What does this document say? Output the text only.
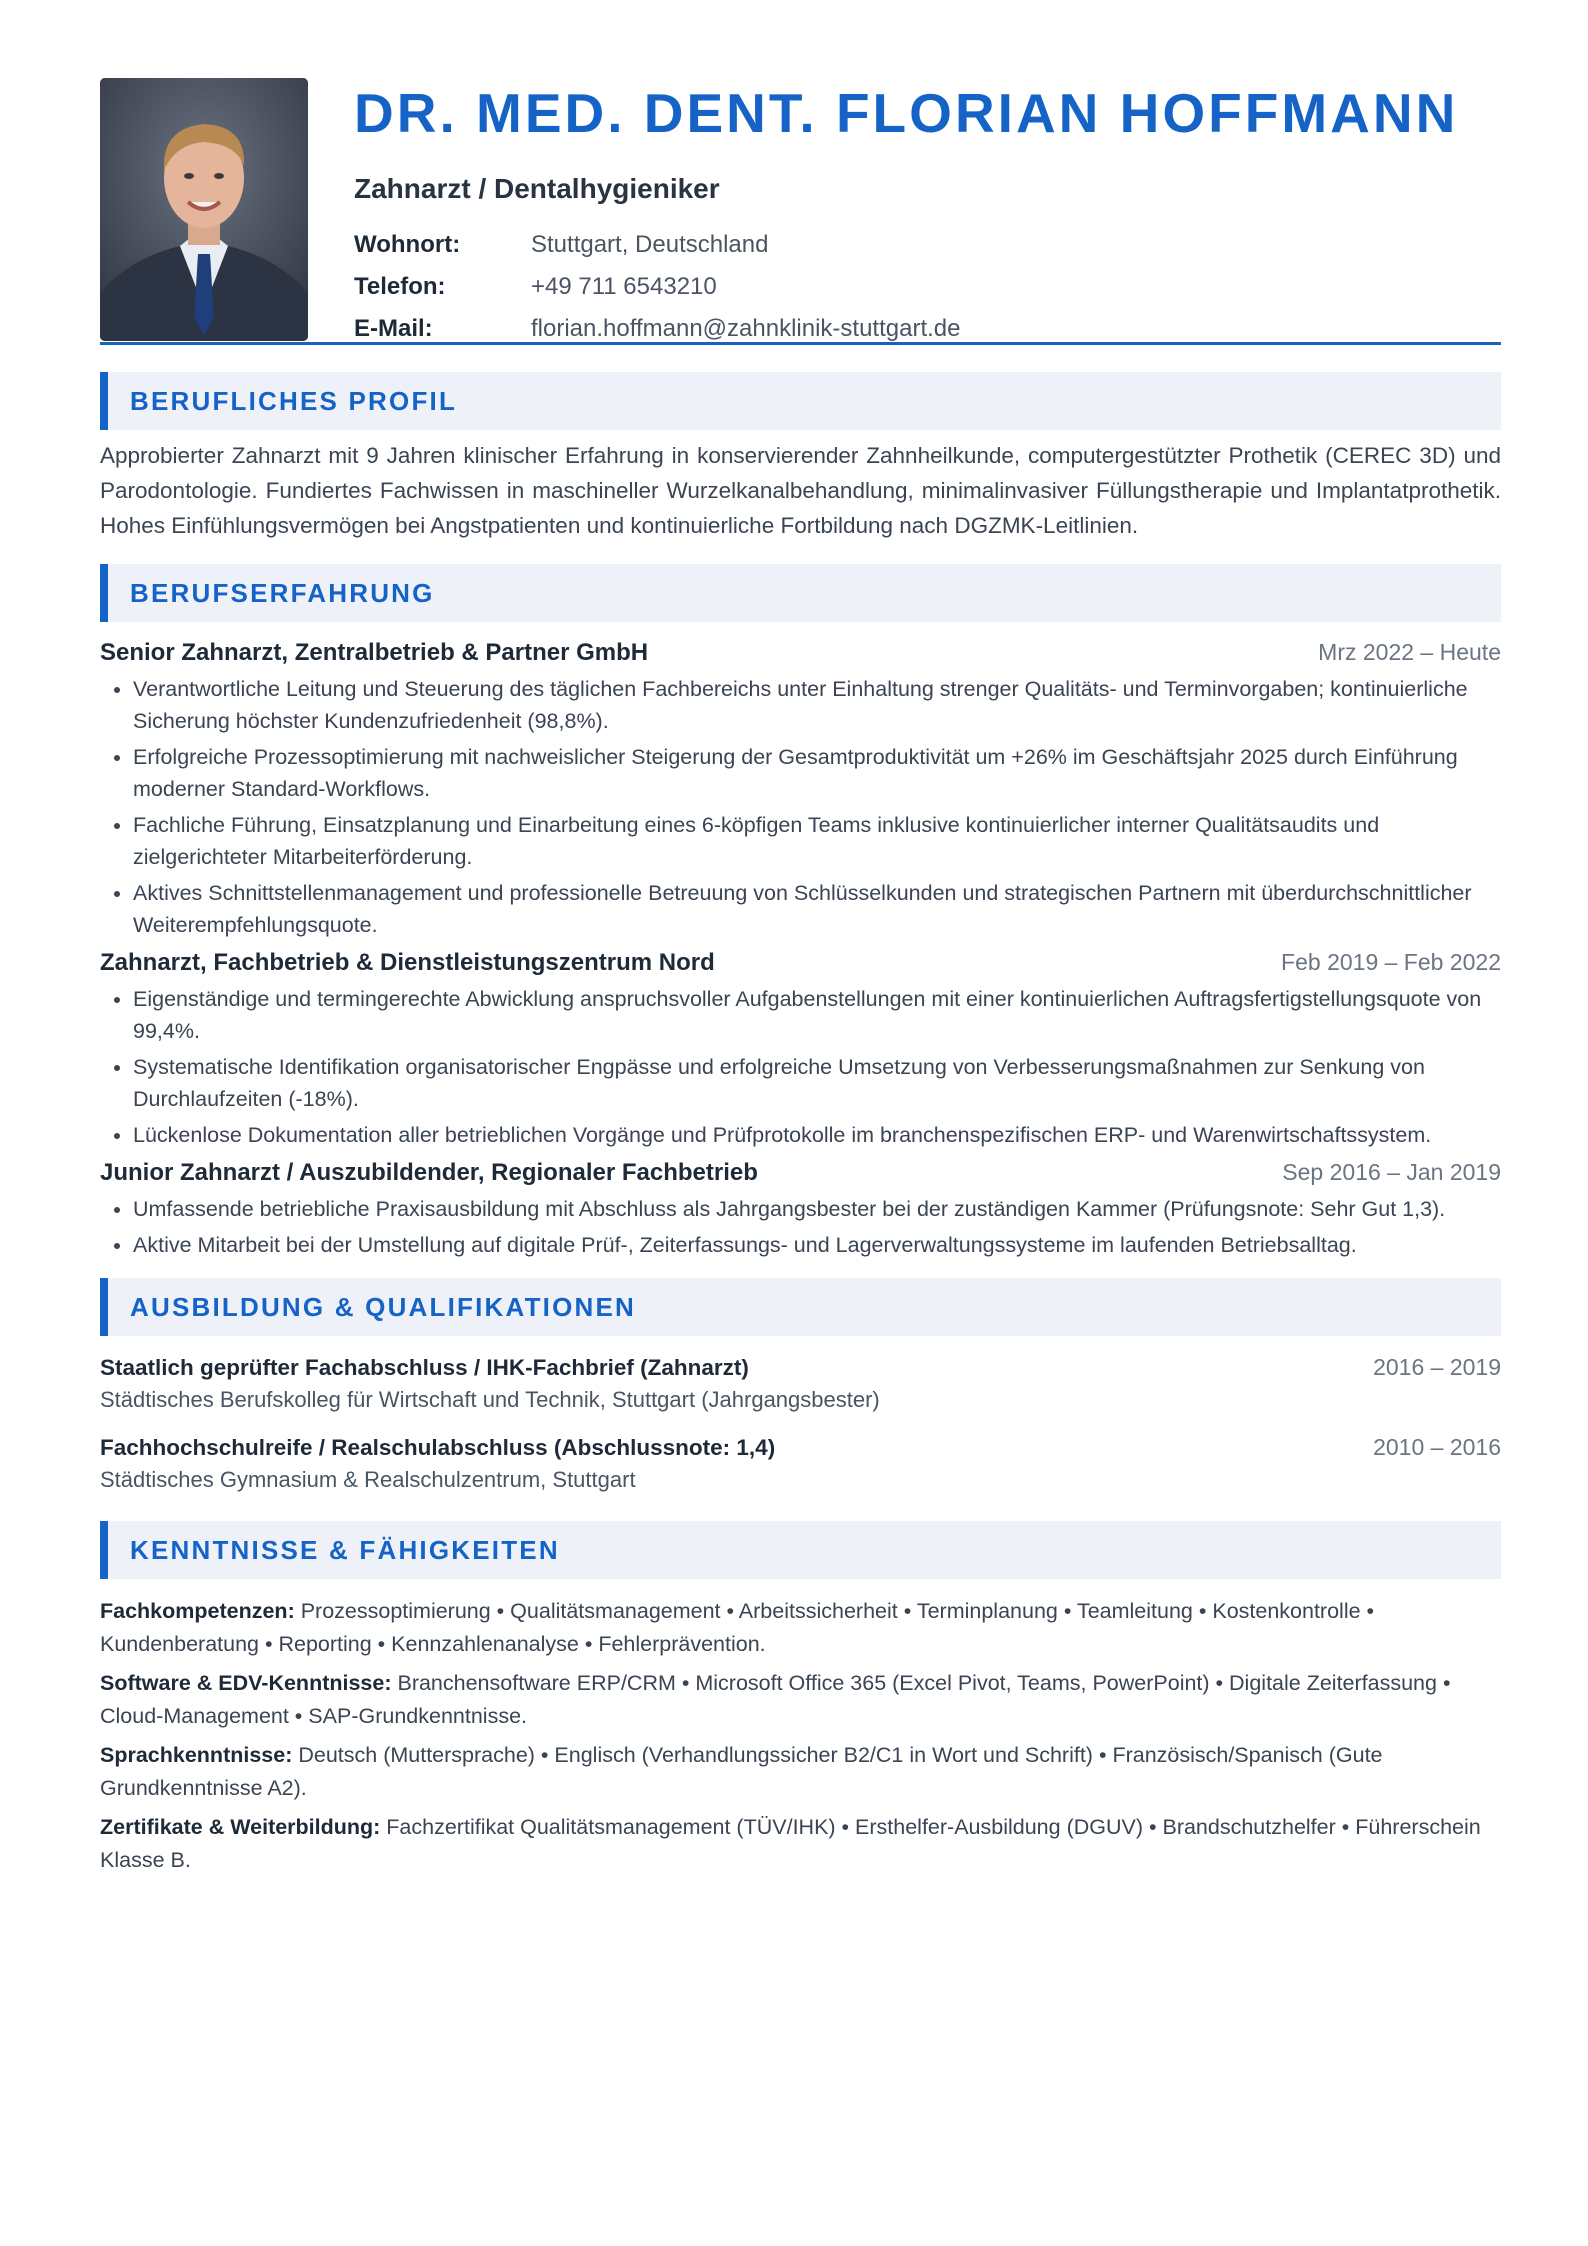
DR. MED. DENT. FLORIAN HOFFMANN
Zahnarzt / Dentalhygieniker
Wohnort:	Stuttgart, Deutschland
Telefon:	+49 711 6543210
E-Mail:	florian.hoffmann@zahnklinik-stuttgart.de
BERUFLICHES PROFIL

Approbierter Zahnarzt mit 9 Jahren klinischer Erfahrung in konservierender Zahnheilkunde, computergestützter Prothetik (CEREC 3D) und Parodontologie. Fundiertes Fachwissen in maschineller Wurzelkanalbehandlung, minimalinvasiver Füllungstherapie und Implantatprothetik. Hohes Einfühlungsvermögen bei Angstpatienten und kontinuierliche Fortbildung nach DGZMK-Leitlinien.

BERUFSERFAHRUNG
Senior Zahnarzt, Zentralbetrieb & Partner GmbH	Mrz 2022 – Heute
• Verantwortliche Leitung und Steuerung des täglichen Fachbereichs unter Einhaltung strenger Qualitäts- und Terminvorgaben; kontinuierliche Sicherung höchster Kundenzufriedenheit (98,8%).
• Erfolgreiche Prozessoptimierung mit nachweislicher Steigerung der Gesamtproduktivität um +26% im Geschäftsjahr 2025 durch Einführung moderner Standard-Workflows.
• Fachliche Führung, Einsatzplanung und Einarbeitung eines 6-köpfigen Teams inklusive kontinuierlicher interner Qualitätsaudits und zielgerichteter Mitarbeiterförderung.
• Aktives Schnittstellenmanagement und professionelle Betreuung von Schlüsselkunden und strategischen Partnern mit überdurchschnittlicher Weiterempfehlungsquote.
Zahnarzt, Fachbetrieb & Dienstleistungszentrum Nord	Feb 2019 – Feb 2022
• Eigenständige und termingerechte Abwicklung anspruchsvoller Aufgabenstellungen mit einer kontinuierlichen Auftragsfertigstellungsquote von 99,4%.
• Systematische Identifikation organisatorischer Engpässe und erfolgreiche Umsetzung von Verbesserungsmaßnahmen zur Senkung von Durchlaufzeiten (-18%).
• Lückenlose Dokumentation aller betrieblichen Vorgänge und Prüfprotokolle im branchenspezifischen ERP- und Warenwirtschaftssystem.
Junior Zahnarzt / Auszubildender, Regionaler Fachbetrieb	Sep 2016 – Jan 2019
• Umfassende betriebliche Praxisausbildung mit Abschluss als Jahrgangsbester bei der zuständigen Kammer (Prüfungsnote: Sehr Gut 1,3).
• Aktive Mitarbeit bei der Umstellung auf digitale Prüf-, Zeiterfassungs- und Lagerverwaltungssysteme im laufenden Betriebsalltag.
AUSBILDUNG & QUALIFIKATIONEN
Staatlich geprüfter Fachabschluss / IHK-Fachbrief (Zahnarzt)	2016 – 2019
Städtisches Berufskolleg für Wirtschaft und Technik, Stuttgart (Jahrgangsbester)
Fachhochschulreife / Realschulabschluss (Abschlussnote: 1,4)	2010 – 2016
Städtisches Gymnasium & Realschulzentrum, Stuttgart
KENNTNISSE & FÄHIGKEITEN
Fachkompetenzen: Prozessoptimierung • Qualitätsmanagement • Arbeitssicherheit • Terminplanung • Teamleitung • Kostenkontrolle • Kundenberatung • Reporting • Kennzahlenanalyse • Fehlerprävention.
Software & EDV-Kenntnisse: Branchensoftware ERP/CRM • Microsoft Office 365 (Excel Pivot, Teams, PowerPoint) • Digitale Zeiterfassung • Cloud-Management • SAP-Grundkenntnisse.
Sprachkenntnisse: Deutsch (Muttersprache) • Englisch (Verhandlungssicher B2/C1 in Wort und Schrift) • Französisch/Spanisch (Gute Grundkenntnisse A2).
Zertifikate & Weiterbildung: Fachzertifikat Qualitätsmanagement (TÜV/IHK) • Ersthelfer-Ausbildung (DGUV) • Brandschutzhelfer • Führerschein Klasse B.
